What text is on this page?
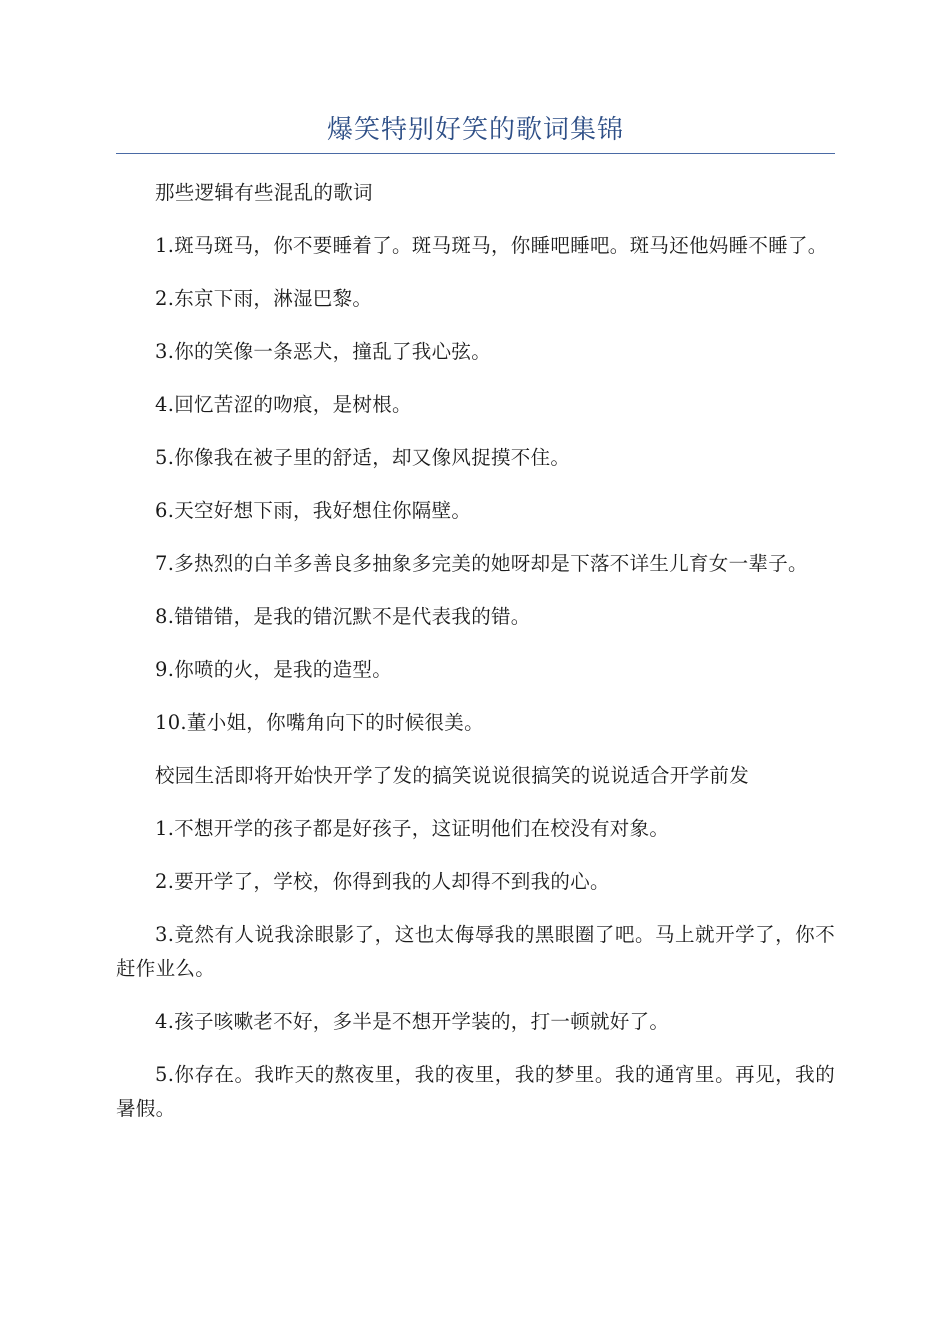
爆笑特别好笑的歌词集锦

那些逻辑有些混乱的歌词

1.斑马斑马，你不要睡着了。斑马斑马，你睡吧睡吧。斑马还他妈睡不睡了。

2.东京下雨，淋湿巴黎。

3.你的笑像一条恶犬，撞乱了我心弦。

4.回忆苦涩的吻痕，是树根。

5.你像我在被子里的舒适，却又像风捉摸不住。

6.天空好想下雨，我好想住你隔壁。

7.多热烈的白羊多善良多抽象多完美的她呀却是下落不详生儿育女一辈子。

8.错错错，是我的错沉默不是代表我的错。

9.你喷的火，是我的造型。

10.董小姐，你嘴角向下的时候很美。

校园生活即将开始快开学了发的搞笑说说很搞笑的说说适合开学前发

1.不想开学的孩子都是好孩子，这证明他们在校没有对象。

2.要开学了，学校，你得到我的人却得不到我的心。

3.竟然有人说我涂眼影了，这也太侮辱我的黑眼圈了吧。马上就开学了，你不赶作业么。

4.孩子咳嗽老不好，多半是不想开学装的，打一顿就好了。

5.你存在。我昨天的熬夜里，我的夜里，我的梦里。我的通宵里。再见，我的暑假。
